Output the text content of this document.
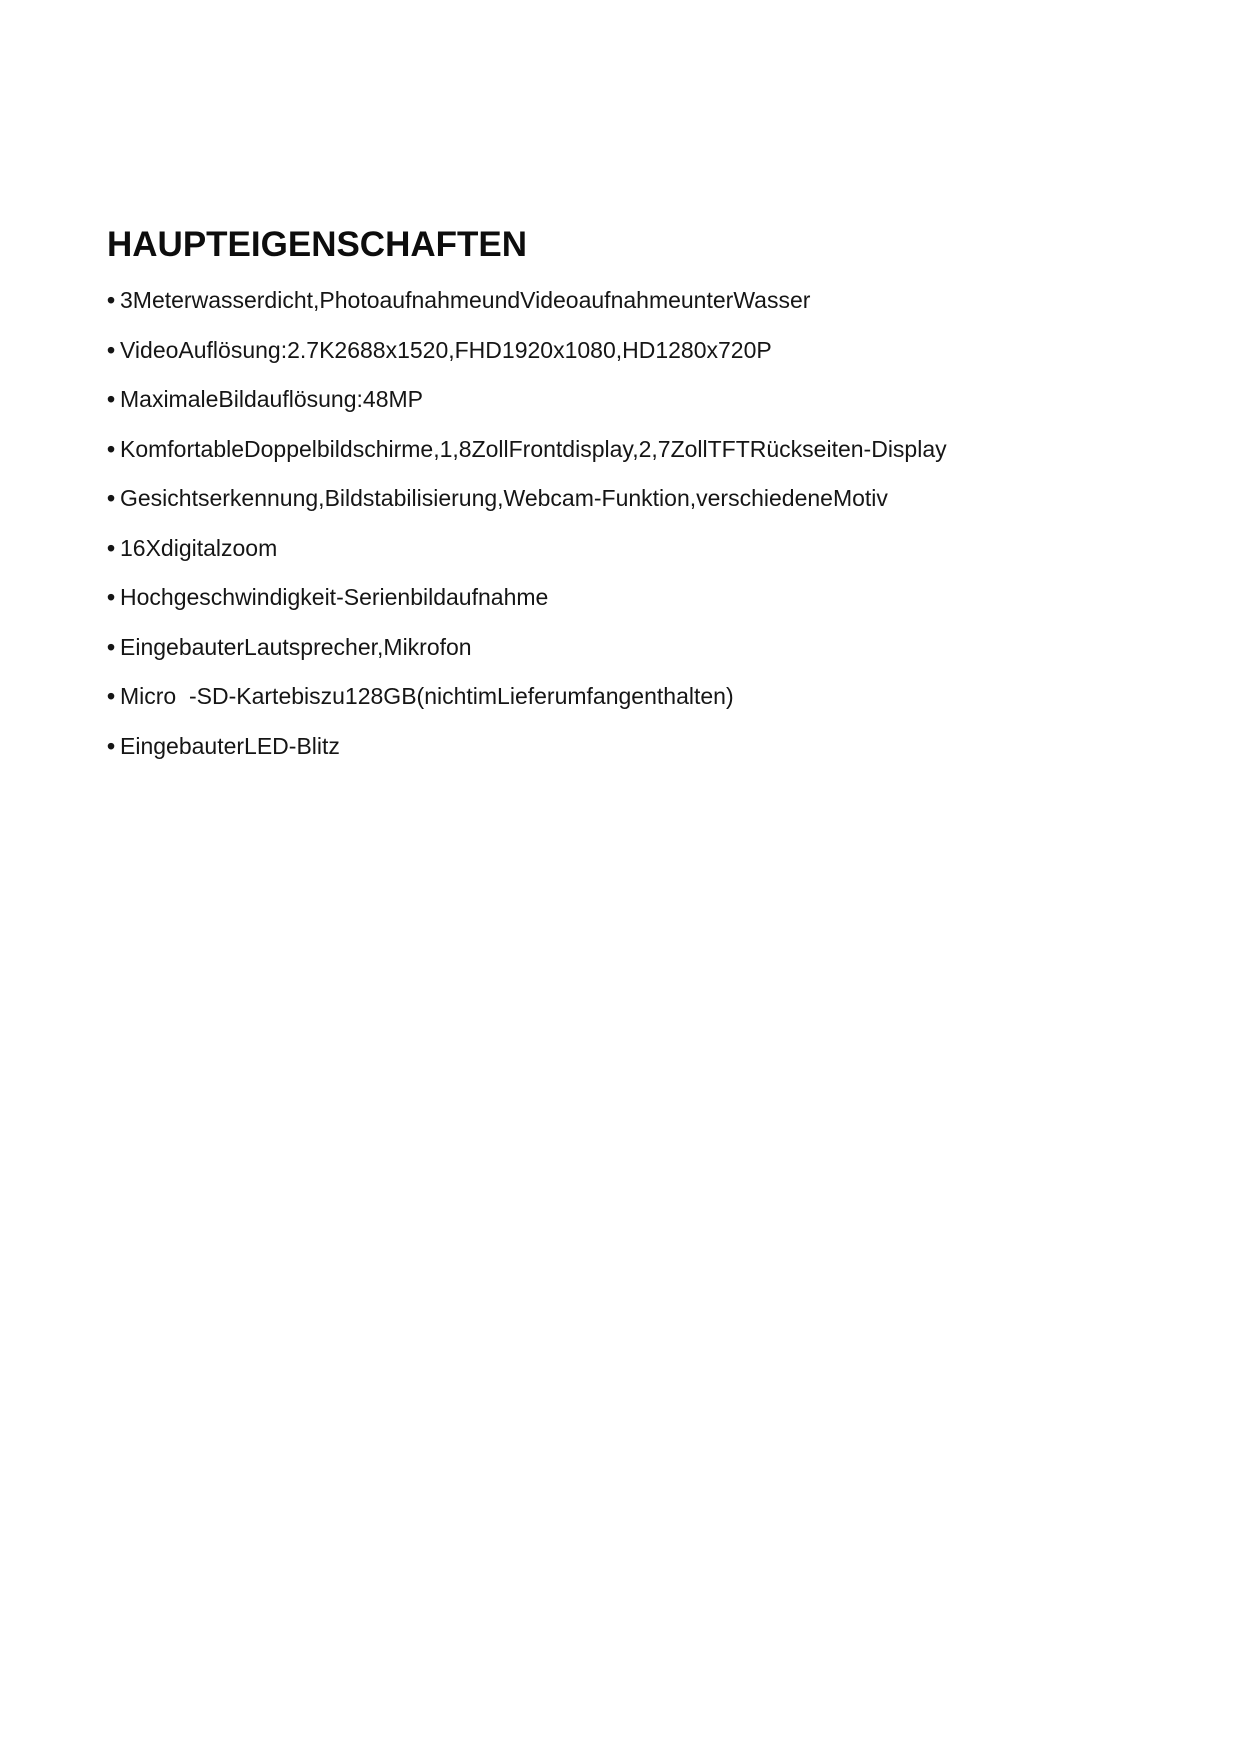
HAUPTEIGENSCHAFTEN
• 3Meterwasserdicht,PhotoaufnahmeundVideoaufnahmeunterWasser
• VideoAuflösung:2.7K2688x1520,FHD1920x1080,HD1280x720P
• MaximaleBildauflösung:48MP
• KomfortableDoppelbildschirme,1,8ZollFrontdisplay,2,7ZollTFTRückseiten-Display
• Gesichtserkennung,Bildstabilisierung,Webcam-Funktion,verschiedeneMotiv
• 16Xdigitalzoom
• Hochgeschwindigkeit-Serienbildaufnahme
• EingebauterLautsprecher,Mikrofon
• Micro  -SD-Kartebiszu128GB(nichtimLieferumfangenthalten)
• EingebauterLED-Blitz
